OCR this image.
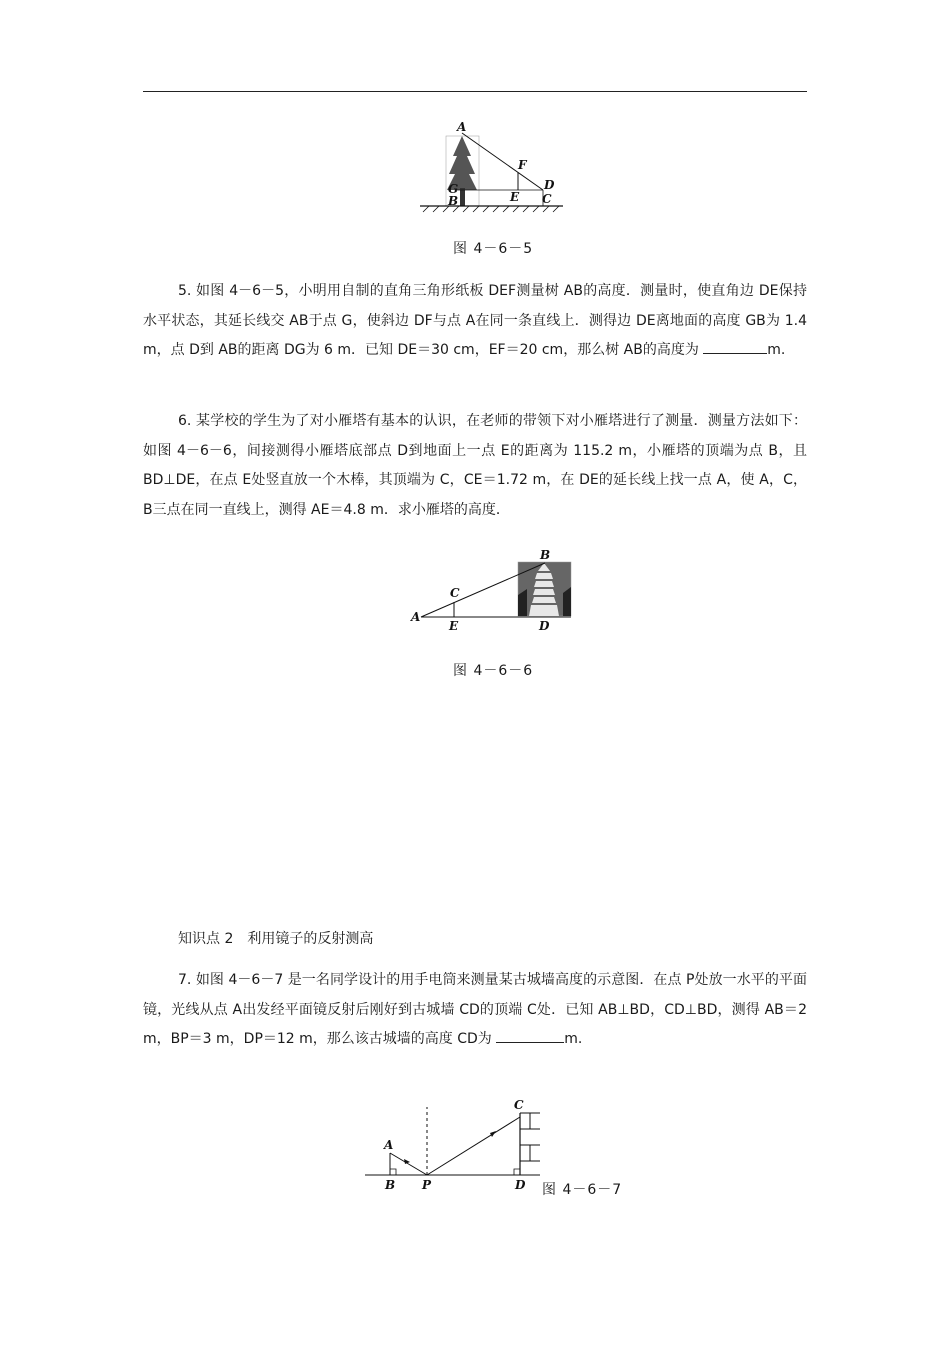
A
F
G
B	E
D
C
图 4－6－5
5. 如图 4－6－5，小明用自制的直角三角形纸板 DEF测量树 AB的高度．测量时，使直角边 DE保持水平状态，其延长线交 AB于点 G，使斜边 DF与点 A在同一条直线上．测得边 DE离地面的高度 GB为 1.4 m，点 D到 AB的距离 DG为 6 m．已知 DE＝30 cm，EF＝20 cm，那么树 AB的高度为	m.
6. 某学校的学生为了对小雁塔有基本的认识，在老师的带领下对小雁塔进行了测量．测量方法如下：如图 4－6－6，间接测得小雁塔底部点 D到地面上一点 E的距离为 115.2 m，小雁塔的顶端为点 B，且 BD⊥DE，在点 E处竖直放一个木棒，其顶端为 C，CE＝1.72 m，在 DE的延长线上找一点 A，使 A，C，B三点在同一直线上，测得 AE＝4.8 m．求小雁塔的高度．
B
C
A
E	D
图 4－6－6
知识点 2　利用镜子的反射测高
7. 如图 4－6－7 是一名同学设计的用手电筒来测量某古城墙高度的示意图．在点 P处放一水平的平面镜，光线从点 A出发经平面镜反射后刚好到古城墙 CD的顶端 C处．已知 AB⊥BD，CD⊥BD，测得 AB＝2 m，BP＝3 m，DP＝12 m，那么该古城墙的高度 CD为	m.
C
A
B P	D 图 4－6－7
